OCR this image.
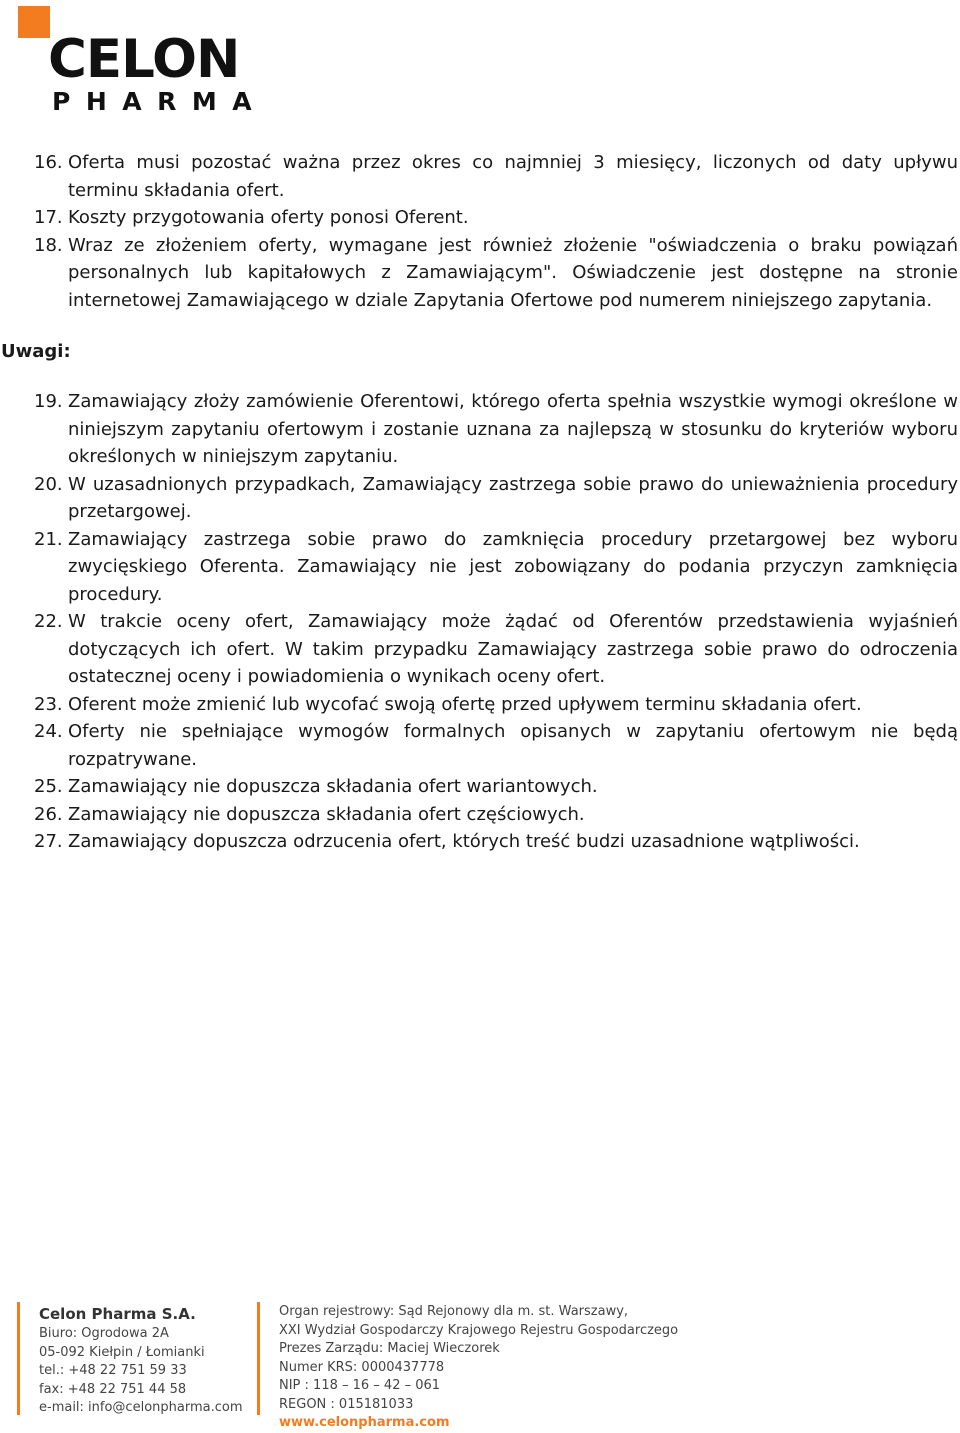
CELON
PHARMA
16. Oferta musi pozostać ważna przez okres co najmniej 3 miesięcy, liczonych od daty upływu terminu składania ofert.
17. Koszty przygotowania oferty ponosi Oferent.
18. Wraz ze złożeniem oferty, wymagane jest również złożenie "oświadczenia o braku powiązań personalnych lub kapitałowych z Zamawiającym". Oświadczenie jest dostępne na stronie internetowej Zamawiającego w dziale Zapytania Ofertowe pod numerem niniejszego zapytania.
Uwagi:
19. Zamawiający złoży zamówienie Oferentowi, którego oferta spełnia wszystkie wymogi określone w niniejszym zapytaniu ofertowym i zostanie uznana za najlepszą w stosunku do kryteriów wyboru określonych w niniejszym zapytaniu.
20. W uzasadnionych przypadkach, Zamawiający zastrzega sobie prawo do unieważnienia procedury przetargowej.
21. Zamawiający zastrzega sobie prawo do zamknięcia procedury przetargowej bez wyboru zwycięskiego Oferenta. Zamawiający nie jest zobowiązany do podania przyczyn zamknięcia procedury.
22. W trakcie oceny ofert, Zamawiający może żądać od Oferentów przedstawienia wyjaśnień dotyczących ich ofert. W takim przypadku Zamawiający zastrzega sobie prawo do odroczenia ostatecznej oceny i powiadomienia o wynikach oceny ofert.
23. Oferent może zmienić lub wycofać swoją ofertę przed upływem terminu składania ofert.
24. Oferty nie spełniające wymogów formalnych opisanych w zapytaniu ofertowym nie będą rozpatrywane.
25. Zamawiający nie dopuszcza składania ofert wariantowych.
26. Zamawiający nie dopuszcza składania ofert częściowych.
27. Zamawiający dopuszcza odrzucenia ofert, których treść budzi uzasadnione wątpliwości.
Celon Pharma S.A.
Biuro: Ogrodowa 2A
05-092 Kiełpin / Łomianki
tel.: +48 22 751 59 33
fax: +48 22 751 44 58
e-mail: info@celonpharma.com
Organ rejestrowy: Sąd Rejonowy dla m. st. Warszawy,
XXI Wydział Gospodarczy Krajowego Rejestru Gospodarczego
Prezes Zarządu: Maciej Wieczorek
Numer KRS: 0000437778
NIP : 118 – 16 – 42 – 061
REGON : 015181033
www.celonpharma.com
